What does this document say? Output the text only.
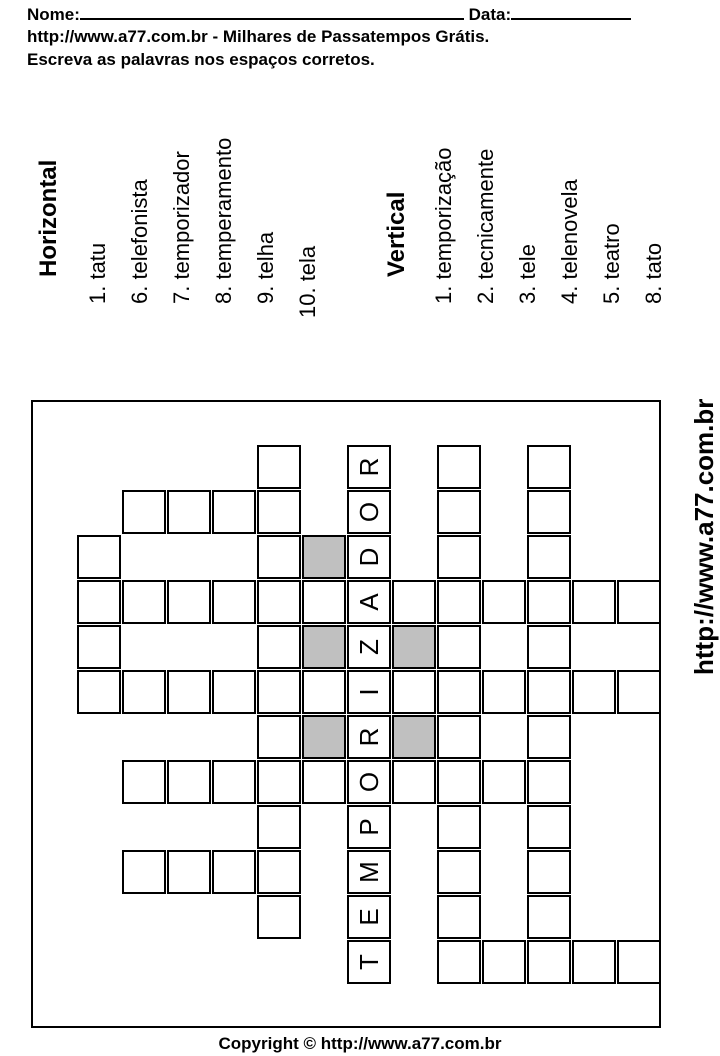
Nome:	Data:
http://www.a77.com.br - Milhares de Passatempos Grátis.
Escreva as palavras nos espaços corretos.
Horizontal 1. tatu 6. telefonista 7. temporizador 8. temperamento 9. telha 10. tela
Vertical 1. temporização 2. tecnicamente 3. tele 4. telenovela 5. teatro 8. tato
R
O
D
A
Z
I
R
O
P
M
E
T
http://www.a77.com.br
Copyright © http://www.a77.com.br
